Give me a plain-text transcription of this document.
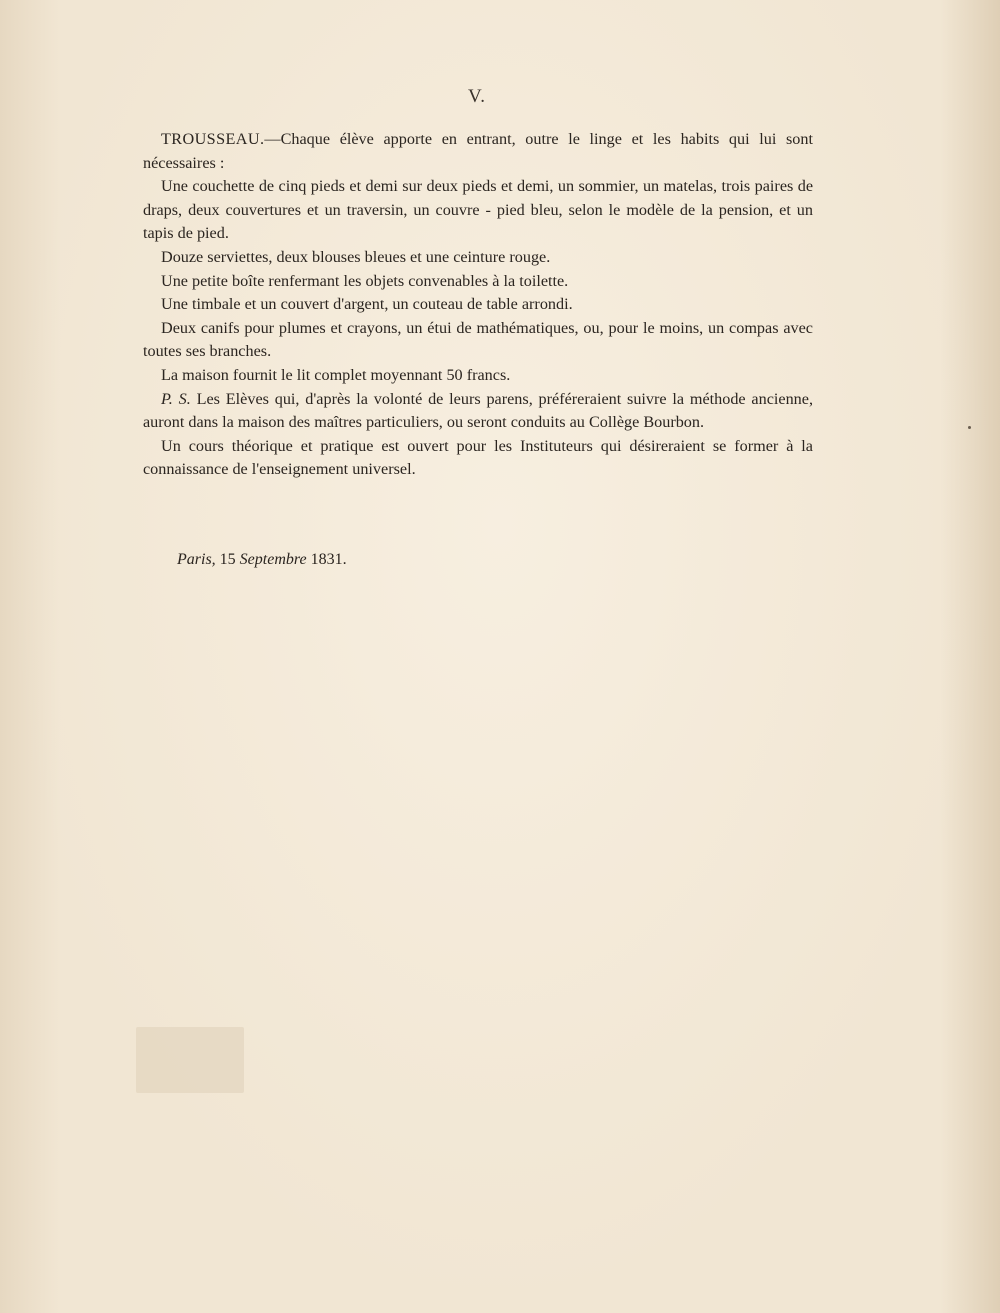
V.

TROUSSEAU.—Chaque élève apporte en entrant, outre le linge et les habits qui lui sont nécessaires :

Une couchette de cinq pieds et demi sur deux pieds et demi, un sommier, un matelas, trois paires de draps, deux couvertures et un traversin, un couvre - pied bleu, selon le modèle de la pension, et un tapis de pied.

Douze serviettes, deux blouses bleues et une ceinture rouge.

Une petite boîte renfermant les objets convenables à la toilette.

Une timbale et un couvert d'argent, un couteau de table arrondi.

Deux canifs pour plumes et crayons, un étui de mathématiques, ou, pour le moins, un compas avec toutes ses branches.

La maison fournit le lit complet moyennant 50 francs.

P. S. Les Elèves qui, d'après la volonté de leurs parens, préféreraient suivre la méthode ancienne, auront dans la maison des maîtres particuliers, ou seront conduits au Collège Bourbon.

Un cours théorique et pratique est ouvert pour les Instituteurs qui désireraient se former à la connaissance de l'enseignement universel.

Paris, 15 Septembre 1831.
